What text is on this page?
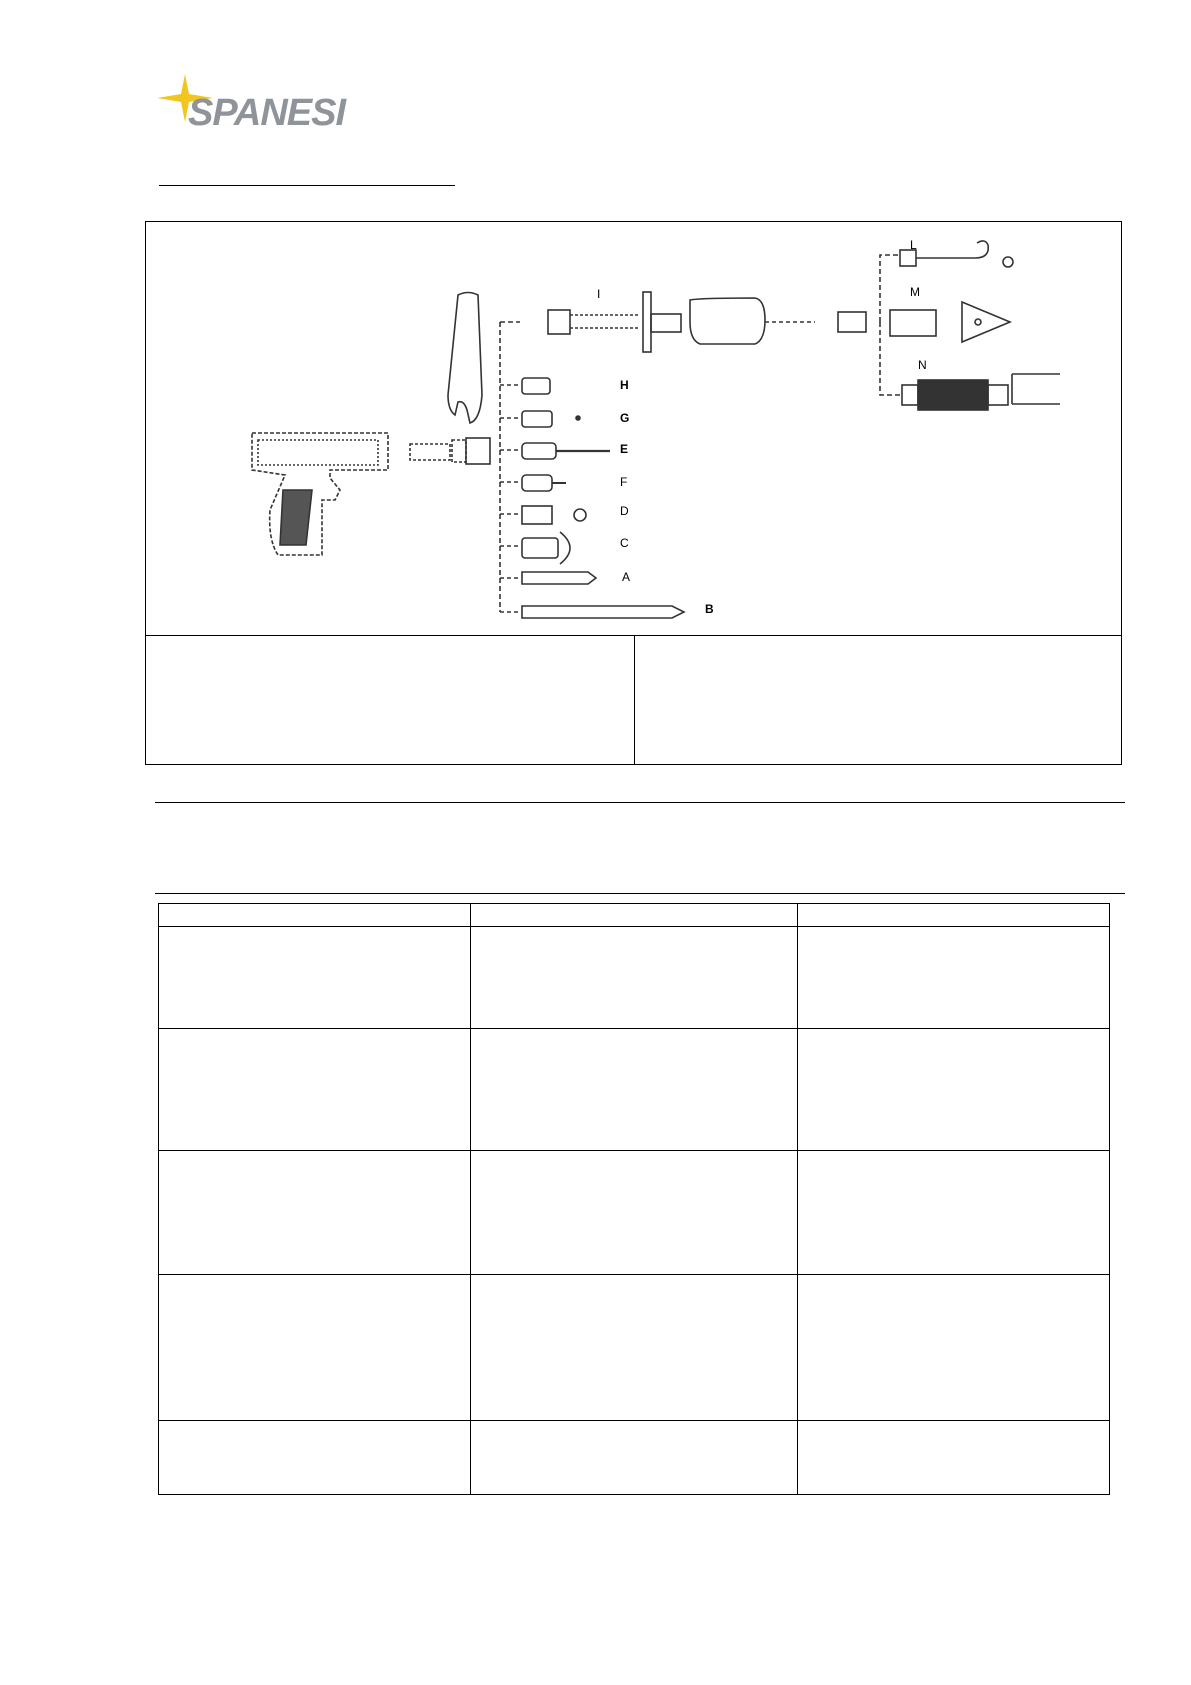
SPANESI
L
M
N
I
H
G
E
F
D
C
A
B
